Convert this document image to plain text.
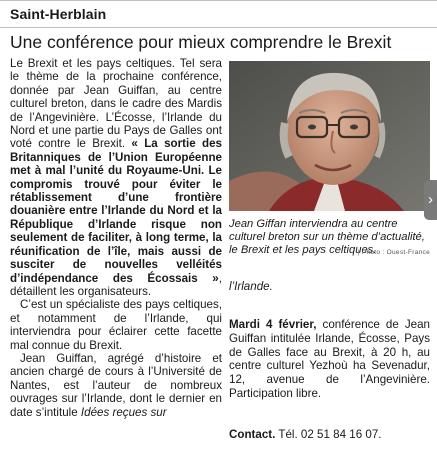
Saint-Herblain
Une conférence pour mieux comprendre le Brexit

Le Brexit et les pays celtiques. Tel sera le thème de la prochaine conférence, donnée par Jean Guiffan, au centre culturel breton, dans le cadre des Mardis de l’Angevinière. L’Écosse, l’Irlande du Nord et une partie du Pays de Galles ont voté contre le Brexit. « La sortie des Britanniques de l’Union Européenne met à mal l’unité du Royaume-Uni. Le compromis trouvé pour éviter le rétablissement d’une frontière douanière entre l’Irlande du Nord et la République d’Irlande risque non seulement de faciliter, à long terme, la réunification de l’île, mais aussi de susciter de nouvelles velléités d’indépendance des Écossais », détaillent les organisateurs.

C’est un spécialiste des pays celtiques, et notamment de l’Irlande, qui interviendra pour éclairer cette facette mal connue du Brexit.

Jean Guiffan, agrégé d’histoire et ancien chargé de cours à l’Université de Nantes, est l’auteur de nombreux ouvrages sur l’Irlande, dont le dernier en date s’intitule Idées reçues sur

Jean Giffan interviendra au centre culturel breton sur un thème d’actualité, le Brexit et les pays celtiques.
| Photo : Ouest-France
l’Irlande.
Mardi 4 février, conférence de Jean Guiffan intitulée Irlande, Écosse, Pays de Galles face au Brexit, à 20 h, au centre culturel Yezhoù ha Sevenadur, 12, avenue de l’Angevinière. Participation libre.
Contact. Tél. 02 51 84 16 07.
›
